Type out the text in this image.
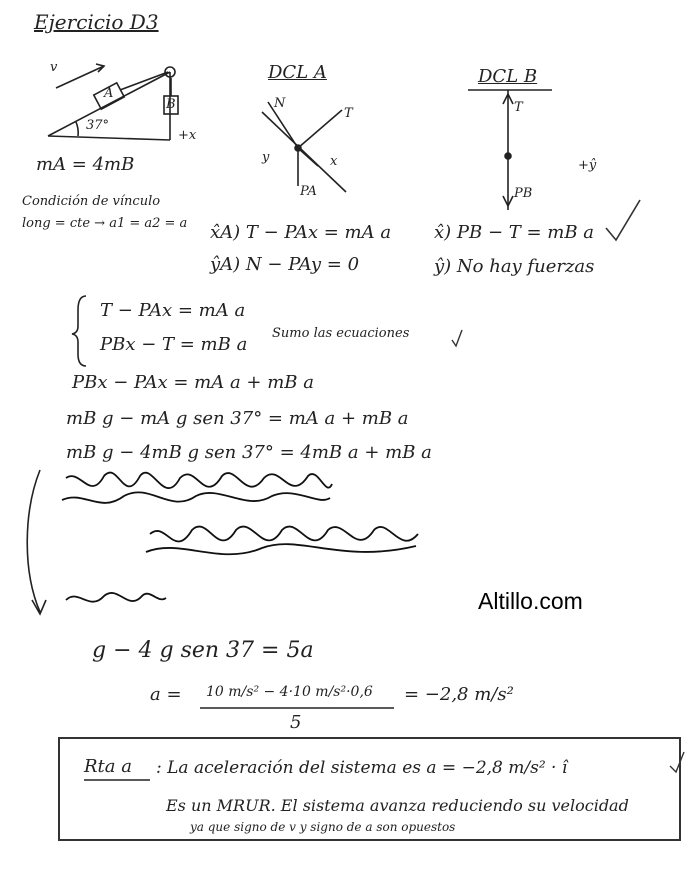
Ejercicio D3
v
37°
A
B
+x
mA = 4mB
Condición de vínculo
long = cte → a1 = a2 = a
DCL A
N
T
PA
x
y
DCL B
T
PB
+ŷ
x̂A) T − PAx = mA a
ŷA) N − PAy = 0
x̂) PB − T = mB a
ŷ) No hay fuerzas
T − PAx = mA a
PBx − T = mB a
Sumo las ecuaciones
PBx − PAx = mA a + mB a
mB g − mA g sen 37° = mA a + mB a
mB g − 4mB g sen 37° = 4mB a + mB a
Altillo.com
g − 4 g sen 37 = 5a
a = 10 m/s² − 4·10 m/s²·0,6
5
= −2,8 m/s²
Rta a : La aceleración del sistema es a = −2,8 m/s² · î
Es un MRUR. El sistema avanza reduciendo su velocidad
ya que signo de v y signo de a son opuestos
